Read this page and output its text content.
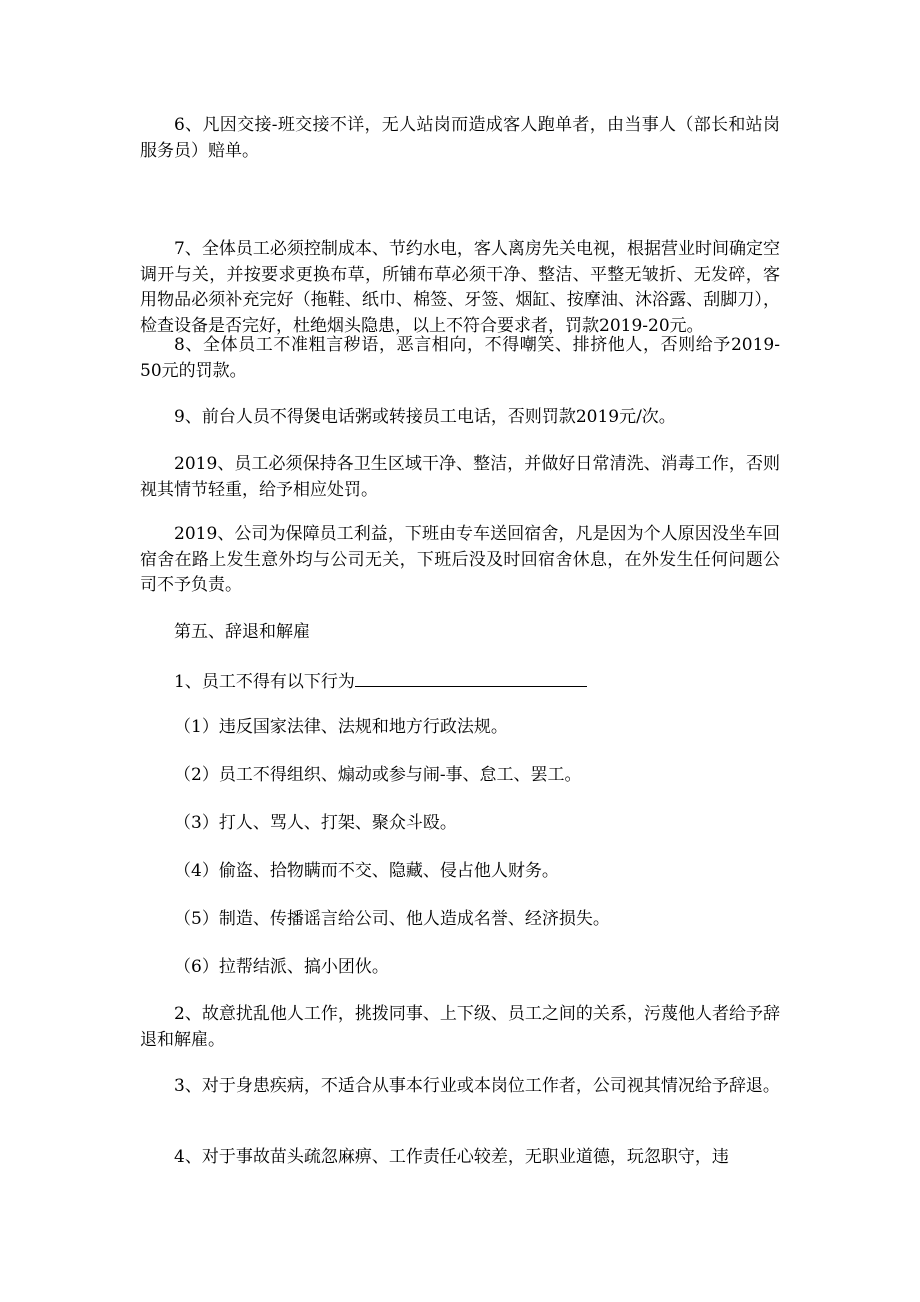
6、凡因交接-班交接不详，无人站岗而造成客人跑单者，由当事人（部长和站岗服务员）赔单。

7、全体员工必须控制成本、节约水电，客人离房先关电视，根据营业时间确定空调开与关，并按要求更换布草，所铺布草必须干净、整洁、平整无皱折、无发碎，客用物品必须补充完好（拖鞋、纸巾、棉签、牙签、烟缸、按摩油、沐浴露、刮脚刀），检查设备是否完好，杜绝烟头隐患，以上不符合要求者，罚款2019-20元。

8、全体员工不准粗言秽语，恶言相向，不得嘲笑、排挤他人，否则给予2019-50元的罚款。

9、前台人员不得煲电话粥或转接员工电话，否则罚款2019元/次。

2019、员工必须保持各卫生区域干净、整洁，并做好日常清洗、消毒工作，否则视其情节轻重，给予相应处罚。

2019、公司为保障员工利益，下班由专车送回宿舍，凡是因为个人原因没坐车回宿舍在路上发生意外均与公司无关，下班后没及时回宿舍休息，在外发生任何问题公司不予负责。

第五、辞退和解雇

1、员工不得有以下行为

（1）违反国家法律、法规和地方行政法规。

（2）员工不得组织、煽动或参与闹-事、怠工、罢工。

（3）打人、骂人、打架、聚众斗殴。

（4）偷盗、拾物瞒而不交、隐藏、侵占他人财务。

（5）制造、传播谣言给公司、他人造成名誉、经济损失。

（6）拉帮结派、搞小团伙。

2、故意扰乱他人工作，挑拨同事、上下级、员工之间的关系，污蔑他人者给予辞退和解雇。

3、对于身患疾病，不适合从事本行业或本岗位工作者，公司视其情况给予辞退。

4、对于事故苗头疏忽麻痹、工作责任心较差，无职业道德，玩忽职守，违
